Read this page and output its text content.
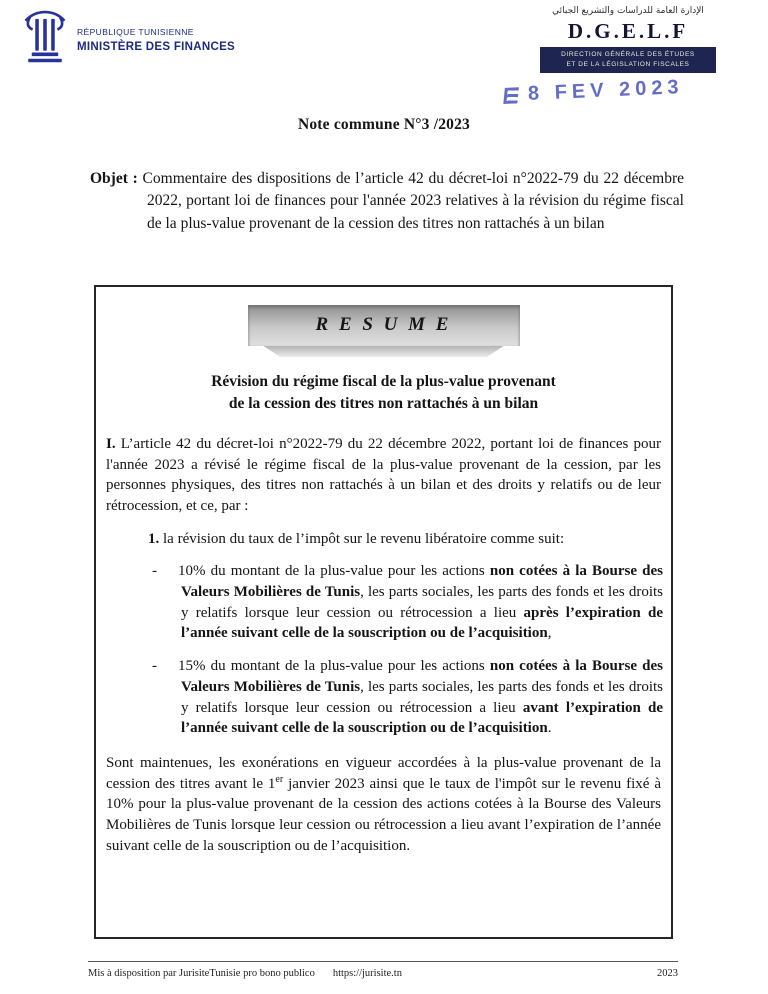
RÉPUBLIQUE TUNISIENNE
MINISTÈRE DES FINANCES
الإدارة العامة للدراسات والتشريع الجبائي
D.G.E.L.F
DIRECTION GÉNÉRALE DES ÉTUDES
ET DE LA LÉGISLATION FISCALES
8 FEV 2023
Note commune N°3 /2023

Objet : Commentaire des dispositions de l’article 42 du décret-loi n°2022-79 du 22 décembre 2022, portant loi de finances pour l'année 2023 relatives à la révision du régime fiscal de la plus-value provenant de la cession des titres non rattachés à un bilan

R E S U M E
Révision du régime fiscal de la plus-value provenant
de la cession des titres non rattachés à un bilan

I. L’article 42 du décret-loi n°2022-79 du 22 décembre 2022, portant loi de finances pour l'année 2023 a révisé le régime fiscal de la plus-value provenant de la cession, par les personnes physiques, des titres non rattachés à un bilan et des droits y relatifs ou de leur rétrocession, et ce, par :

1. la révision du taux de l’impôt sur le revenu libératoire comme suit:

- 10% du montant de la plus-value pour les actions non cotées à la Bourse des Valeurs Mobilières de Tunis, les parts sociales, les parts des fonds et les droits y relatifs lorsque leur cession ou rétrocession a lieu après l’expiration de l’année suivant celle de la souscription ou de l’acquisition,

- 15% du montant de la plus-value pour les actions non cotées à la Bourse des Valeurs Mobilières de Tunis, les parts sociales, les parts des fonds et les droits y relatifs lorsque leur cession ou rétrocession a lieu avant l’expiration de l’année suivant celle de la souscription ou de l’acquisition.

Sont maintenues, les exonérations en vigueur accordées à la plus-value provenant de la cession des titres avant le 1er janvier 2023 ainsi que le taux de l'impôt sur le revenu fixé à 10% pour la plus-value provenant de la cession des actions cotées à la Bourse des Valeurs Mobilières de Tunis lorsque leur cession ou rétrocession a lieu avant l’expiration de l’année suivant celle de la souscription ou de l’acquisition.

Mis à disposition par JurisiteTunisie pro bono publico https://jurisite.tn	2023
